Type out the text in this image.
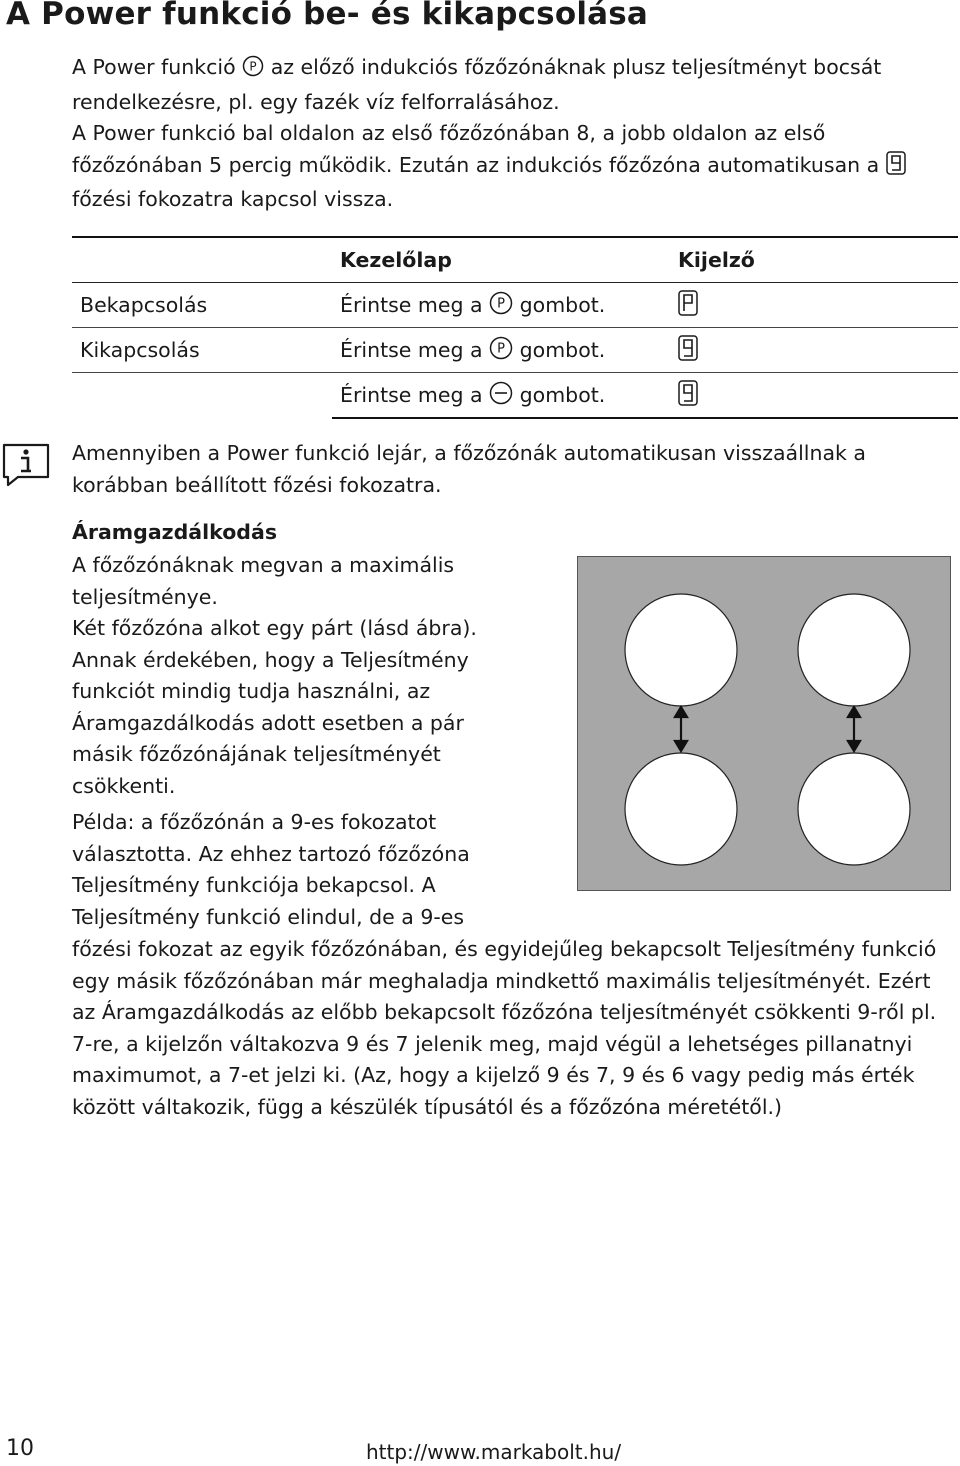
A Power funkció be- és kikapcsolása
A Power funkció P az előző indukciós főzőzónáknak plusz teljesítményt bocsát rendelkezésre, pl. egy fazék víz felforralásához.
A Power funkció bal oldalon az első főzőzónában 8, a jobb oldalon az első főzőzónában 5 percig működik. Ezután az indukciós főzőzóna automatikusan a  főzési fokozatra kapcsol vissza.
	Kezelőlap	Kijelző
Bekapcsolás	Érintse meg a P gombot.	
Kikapcsolás	Érintse meg a P gombot.	
	Érintse meg a gombot.	
Amennyiben a Power funkció lejár, a főzőzónák automatikusan visszaállnak a korábban beállított főzési fokozatra.
Áramgazdálkodás
A főzőzónáknak megvan a maximális
teljesítménye.
Két főzőzóna alkot egy párt (lásd ábra).
Annak érdekében, hogy a Teljesítmény
funkciót mindig tudja használni, az
Áramgazdálkodás adott esetben a pár
másik főzőzónájának teljesítményét
csökkenti.
Példa: a főzőzónán a 9-es fokozatot
választotta. Az ehhez tartozó főzőzóna
Teljesítmény funkciója bekapcsol. A
Teljesítmény funkció elindul, de a 9-es
főzési fokozat az egyik főzőzónában, és egyidejűleg bekapcsolt Teljesítmény funkció egy másik főzőzónában már meghaladja mindkettő maximális teljesítményét. Ezért az Áramgazdálkodás az előbb bekapcsolt főzőzóna teljesítményét csökkenti 9-ről pl. 7-re, a kijelzőn váltakozva 9 és 7 jelenik meg, majd végül a lehetséges pillanatnyi maximumot, a 7-et jelzi ki. (Az, hogy a kijelző 9 és 7, 9 és 6 vagy pedig más érték között váltakozik, függ a készülék típusától és a főzőzóna méretétől.)
10	http://www.markabolt.hu/
